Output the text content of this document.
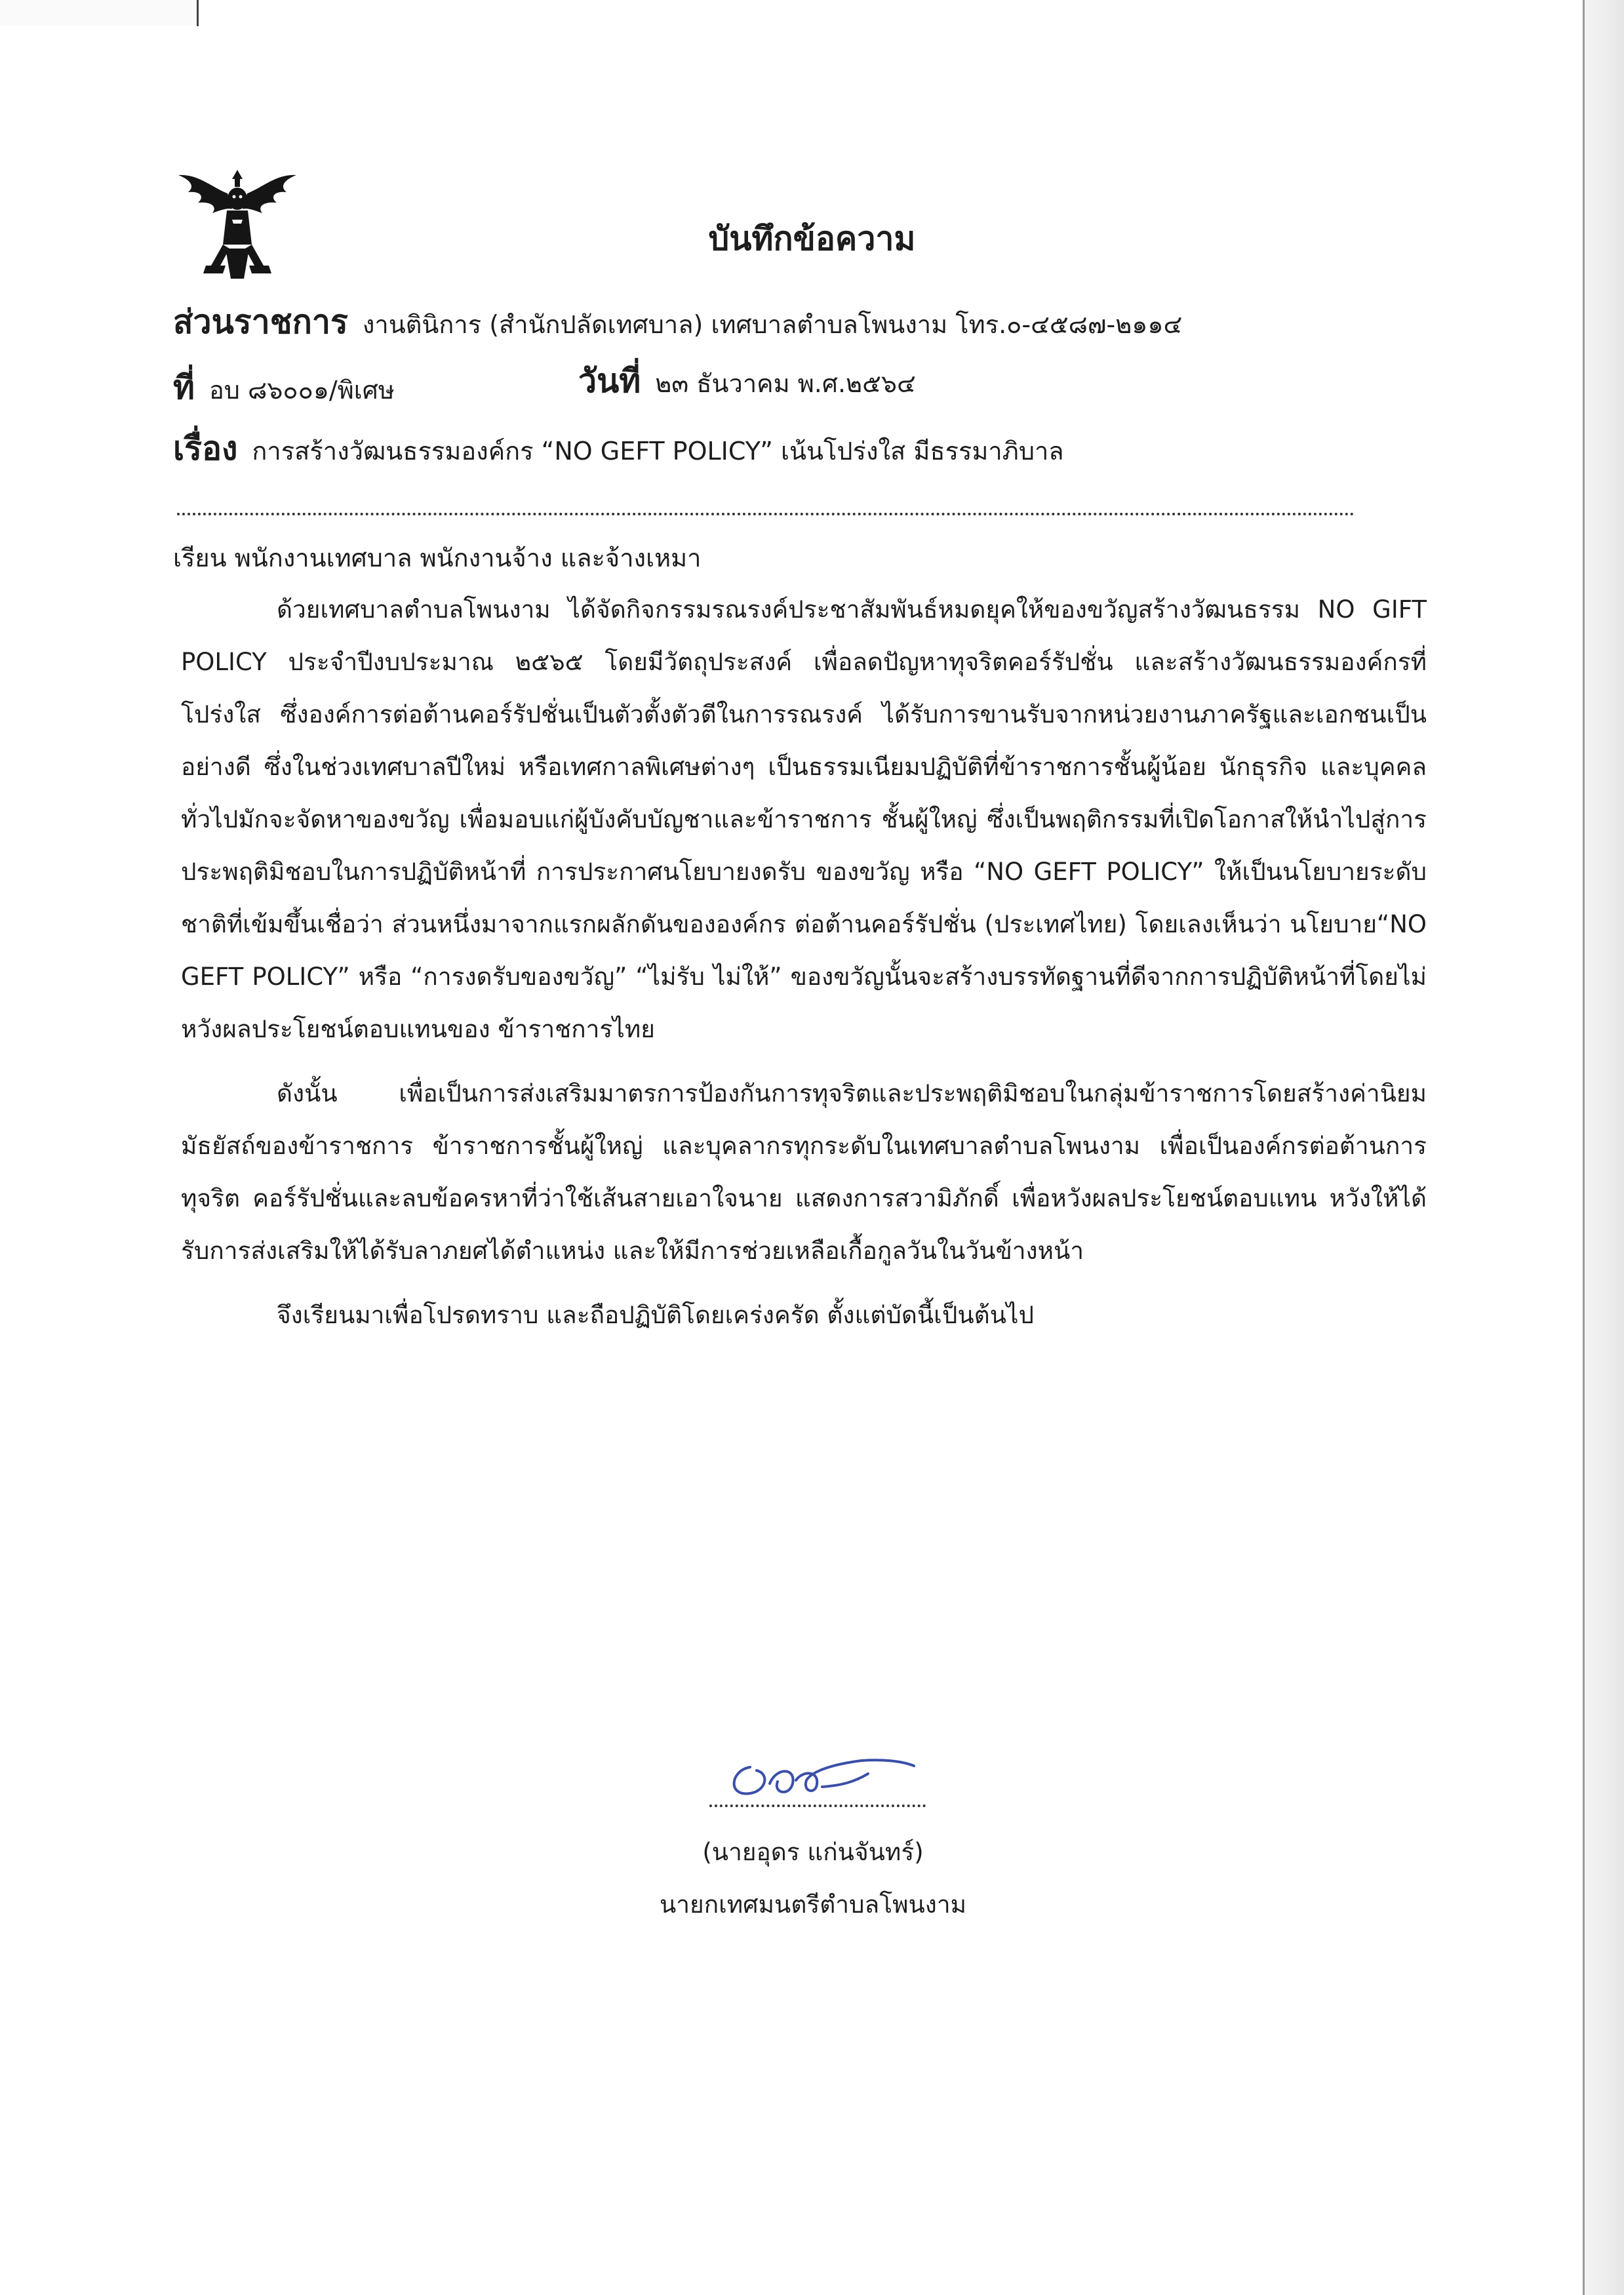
บันทึกข้อความ
ส่วนราชการ งานตินิการ (สำนักปลัดเทศบาล) เทศบาลตำบลโพนงาม โทร.๐-๔๕๘๗-๒๑๑๔
ที่ อบ ๘๖๐๐๑/พิเศษ	วันที่ ๒๓ ธันวาคม พ.ศ.๒๕๖๔
เรื่อง การสร้างวัฒนธรรมองค์กร “NO GEFT POLICY” เน้นโปร่งใส มีธรรมาภิบาล
เรียน พนักงานเทศบาล พนักงานจ้าง และจ้างเหมา

ด้วยเทศบาลตำบลโพนงาม ได้จัดกิจกรรมรณรงค์ประชาสัมพันธ์หมดยุคให้ของขวัญสร้างวัฒนธรรม NO GIFT POLICY ประจำปีงบประมาณ ๒๕๖๕ โดยมีวัตถุประสงค์ เพื่อลดปัญหาทุจริตคอร์รัปชั่น และสร้างวัฒนธรรมองค์กรที่โปร่งใส ซึ่งองค์การต่อต้านคอร์รัปชั่นเป็นตัวตั้งตัวตีในการรณรงค์ ได้รับการขานรับจากหน่วยงานภาครัฐและเอกชนเป็นอย่างดี ซึ่งในช่วงเทศบาลปีใหม่ หรือเทศกาลพิเศษต่างๆ เป็นธรรมเนียมปฏิบัติที่ข้าราชการชั้นผู้น้อย นักธุรกิจ และบุคคลทั่วไปมักจะจัดหาของขวัญ เพื่อมอบแก่ผู้บังคับบัญชาและข้าราชการ ชั้นผู้ใหญ่ ซึ่งเป็นพฤติกรรมที่เปิดโอกาสให้นำไปสู่การประพฤติมิชอบในการปฏิบัติหน้าที่ การประกาศนโยบายงดรับ ของขวัญ หรือ “NO GEFT POLICY” ให้เป็นนโยบายระดับชาติที่เข้มขึ้นเชื่อว่า ส่วนหนึ่งมาจากแรกผลักดันขององค์กร ต่อต้านคอร์รัปชั่น (ประเทศไทย) โดยเลงเห็นว่า นโยบาย“NO GEFT POLICY” หรือ “การงดรับของขวัญ” “ไม่รับ ไม่ให้” ของขวัญนั้นจะสร้างบรรทัดฐานที่ดีจากการปฏิบัติหน้าที่โดยไม่หวังผลประโยชน์ตอบแทนของ ข้าราชการไทย

ดังนั้น เพื่อเป็นการส่งเสริมมาตรการป้องกันการทุจริตและประพฤติมิชอบในกลุ่มข้าราชการโดยสร้างค่านิยมมัธยัสถ์ของข้าราชการ ข้าราชการชั้นผู้ใหญ่ และบุคลากรทุกระดับในเทศบาลตำบลโพนงาม เพื่อเป็นองค์กรต่อต้านการทุจริต คอร์รัปชั่นและลบข้อครหาที่ว่าใช้เส้นสายเอาใจนาย แสดงการสวามิภักดิ์ เพื่อหวังผลประโยชน์ตอบแทน หวังให้ได้รับการส่งเสริมให้ได้รับลาภยศได้ตำแหน่ง และให้มีการช่วยเหลือเกื้อกูลวันในวันข้างหน้า

จึงเรียนมาเพื่อโปรดทราบ และถือปฏิบัติโดยเคร่งครัด ตั้งแต่บัดนี้เป็นต้นไป

(นายอุดร แก่นจันทร์)
นายกเทศมนตรีตำบลโพนงาม
